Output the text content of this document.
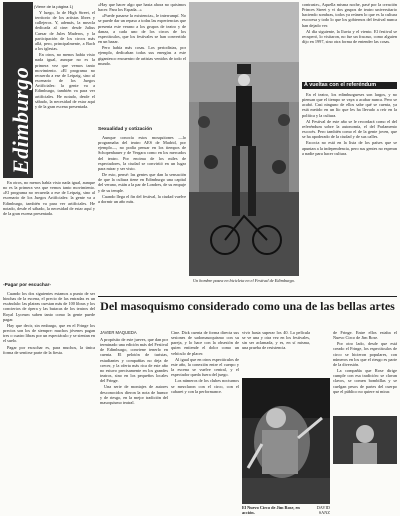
Edimburgo
(Viene de la página 1)

Y luego, lo de High Street, el territorio de los artistas libres y callejeros. Y, además, la mezcla dedicada al cine: desde Julius Caesar de Jules Maderos, y la participación de los circos más allá, pero, principalmente, a Bach a los iglesias.

En otros, no menos había visto nada igual, aunque no es la primera vez que vemos tanto movimiento. «El programa no recuerda a ese de Leipzig, sino al escenario de los Juegos Artificiales: la gente va a Edimburgo, también va para ver artificiales. He notado, desde el sábado, la necesidad de estar aquí y de la gran escena presentada.

En otros, no menos había visto nada igual, aunque no es la primera vez que vemos tanto movimiento. «El programa no recuerda a ese de Leipzig, sino al escenario de los Juegos Artificiales: la gente va a Edimburgo, también va para ver artificiales. He notado, desde el sábado, la necesidad de estar aquí y de la gran escena presentada.

-Pagar por escuchar-

Cuando los dos siguientes estamos a punto de ser hinchas de la escena, el precio de las entradas es un escándalo: las plateas cuestan más de 100 libras y los conciertos de ópera y las butacas de los teatros del Royal Lyceum suben tanto como la gente puede pagar.

Hay que decir, sin embargo, que en el Fringe los precios son los de siempre: muchos jóvenes pagan tres o cuatro libras por un espectáculo y se sientan en el suelo.

Pagar por escuchar es, para muchos, la única forma de sentirse parte de la fiesta.

«Hay que hacer algo que hasta ahora no quisimos hacer. Para los Espada...»

«Puede pasarse la existencia», le interrumpí. No se puede dar un repaso a todas las experiencias que presenta este verano a los grupos de teatro y de danza, a cada uno de los circos de los espectáculos, que los festivales se han convertido en un bazar.

Pero había más cosas. Los periodistas, por ejemplo, dedicaban todas sus energías a este gigantesco encuentro de artistas venidos de todo el mundo.

Sexualidad y cotización

Aunque conocía estos mosquitones —lo programaba del teatro AES de Madrid, por ejemplo—, no podía pensar en los tiempos de Schopenhauer y de Vergara como en los mercados del teatro. Por encima de los miles de espectadores, la ciudad se convirtió en un lugar para mirar y ser visto.

De esto, pensé: las gentes que dan la sensación de que la cultura tiene en Edimburgo una capital del verano, están a la par de Londres, de su empuje y de su temple.

Cuando llega el fin del festival, la ciudad vuelve a dormir un año más.

Un hombre pasea en bicicleta en el Festival de Edimburgo.

contraste», Aquella misma noche, pasé por la creación Princes Street y vi dos grupos de teatro universitario haciendo sombras, todos ya reúnen lo que es la cultura escocesa y todo lo que los gobiernos del festival nunca han dejado ver.

Al día siguiente, la lluvia y el viento. El festival se recuperó, lo visitaron, no fue un fracaso, como alguien dijo en 1997, sino otra forma de entender las cosas.

A vueltas con el referéndum

En el teatro, los edimburgueses son largos, y no piensan que el tiempo se vaya a acabar nunca. Pero se acabó. Casi ninguno de ellos sabe qué se cuenta, ya está metido en un lío que les ha llevado a reír en la política y la cultura.

Al Festival de este año se le recordará como el del referéndum sobre la autonomía, el del Parlamento escocés. Pero también como el de la gente joven, que se ha apoderado de la ciudad y de sus calles.

Escocia no está en la lista de los países que se apuntan a la independencia, pero sus gentes no esperan a nadie para hacer cultura.

Del masoquismo considerado como una de las bellas artes
JAVIER MAQUEDA

A propósito de este jueves, que dan por terminado una edición más del Festival de Edimburgo, conviene tenerlo en cuenta. El pelotón de turistas, estudiantes y compañías no deja de crecer, y la oferta más rica de este año no estuvo precisamente en los grandes teatros, sino en los pequeños locales del Fringe.

Una serie de montajes de autores desconocidos dieron la nota de humor y de riesgo, en la mejor tradición del masoquismo teatral.

Cine. Dick cuenta de forma directa sus sesiones de sadomasoquismo con su pareja, y lo hace con la obsesión de quien entiende el dolor como un vehículo de placer.

Al igual que en otros espectáculos de este año, la conexión entre el cuerpo y la escena se vuelve central, y el espectador queda fuera del juego.

Los números de los clubes nocturnos se mezclaron con el circo, con el cabaret y con la performance.

vivir hasta superar los 40. La película se ve una y otra vez en los festivales, sin ser aclamada, y es, en sí misma, una prueba de resistencia.

El Nuevo Circo de Jim Rose, en acción.
DAVID SANZ

de Fringe. Entre ellos estaba el Nuevo Circo de Jim Rose.

Por otro lado, desde que está creado el Fringe, los espectáculos de circo se hicieron populares, con números en los que el riesgo es parte de la diversión.

La compañía que Rose dirige cumple con esa tradición: se clavan clavos, se comen bombillas y se cuelgan pesos de partes del cuerpo que el público no quiere ni mirar.
